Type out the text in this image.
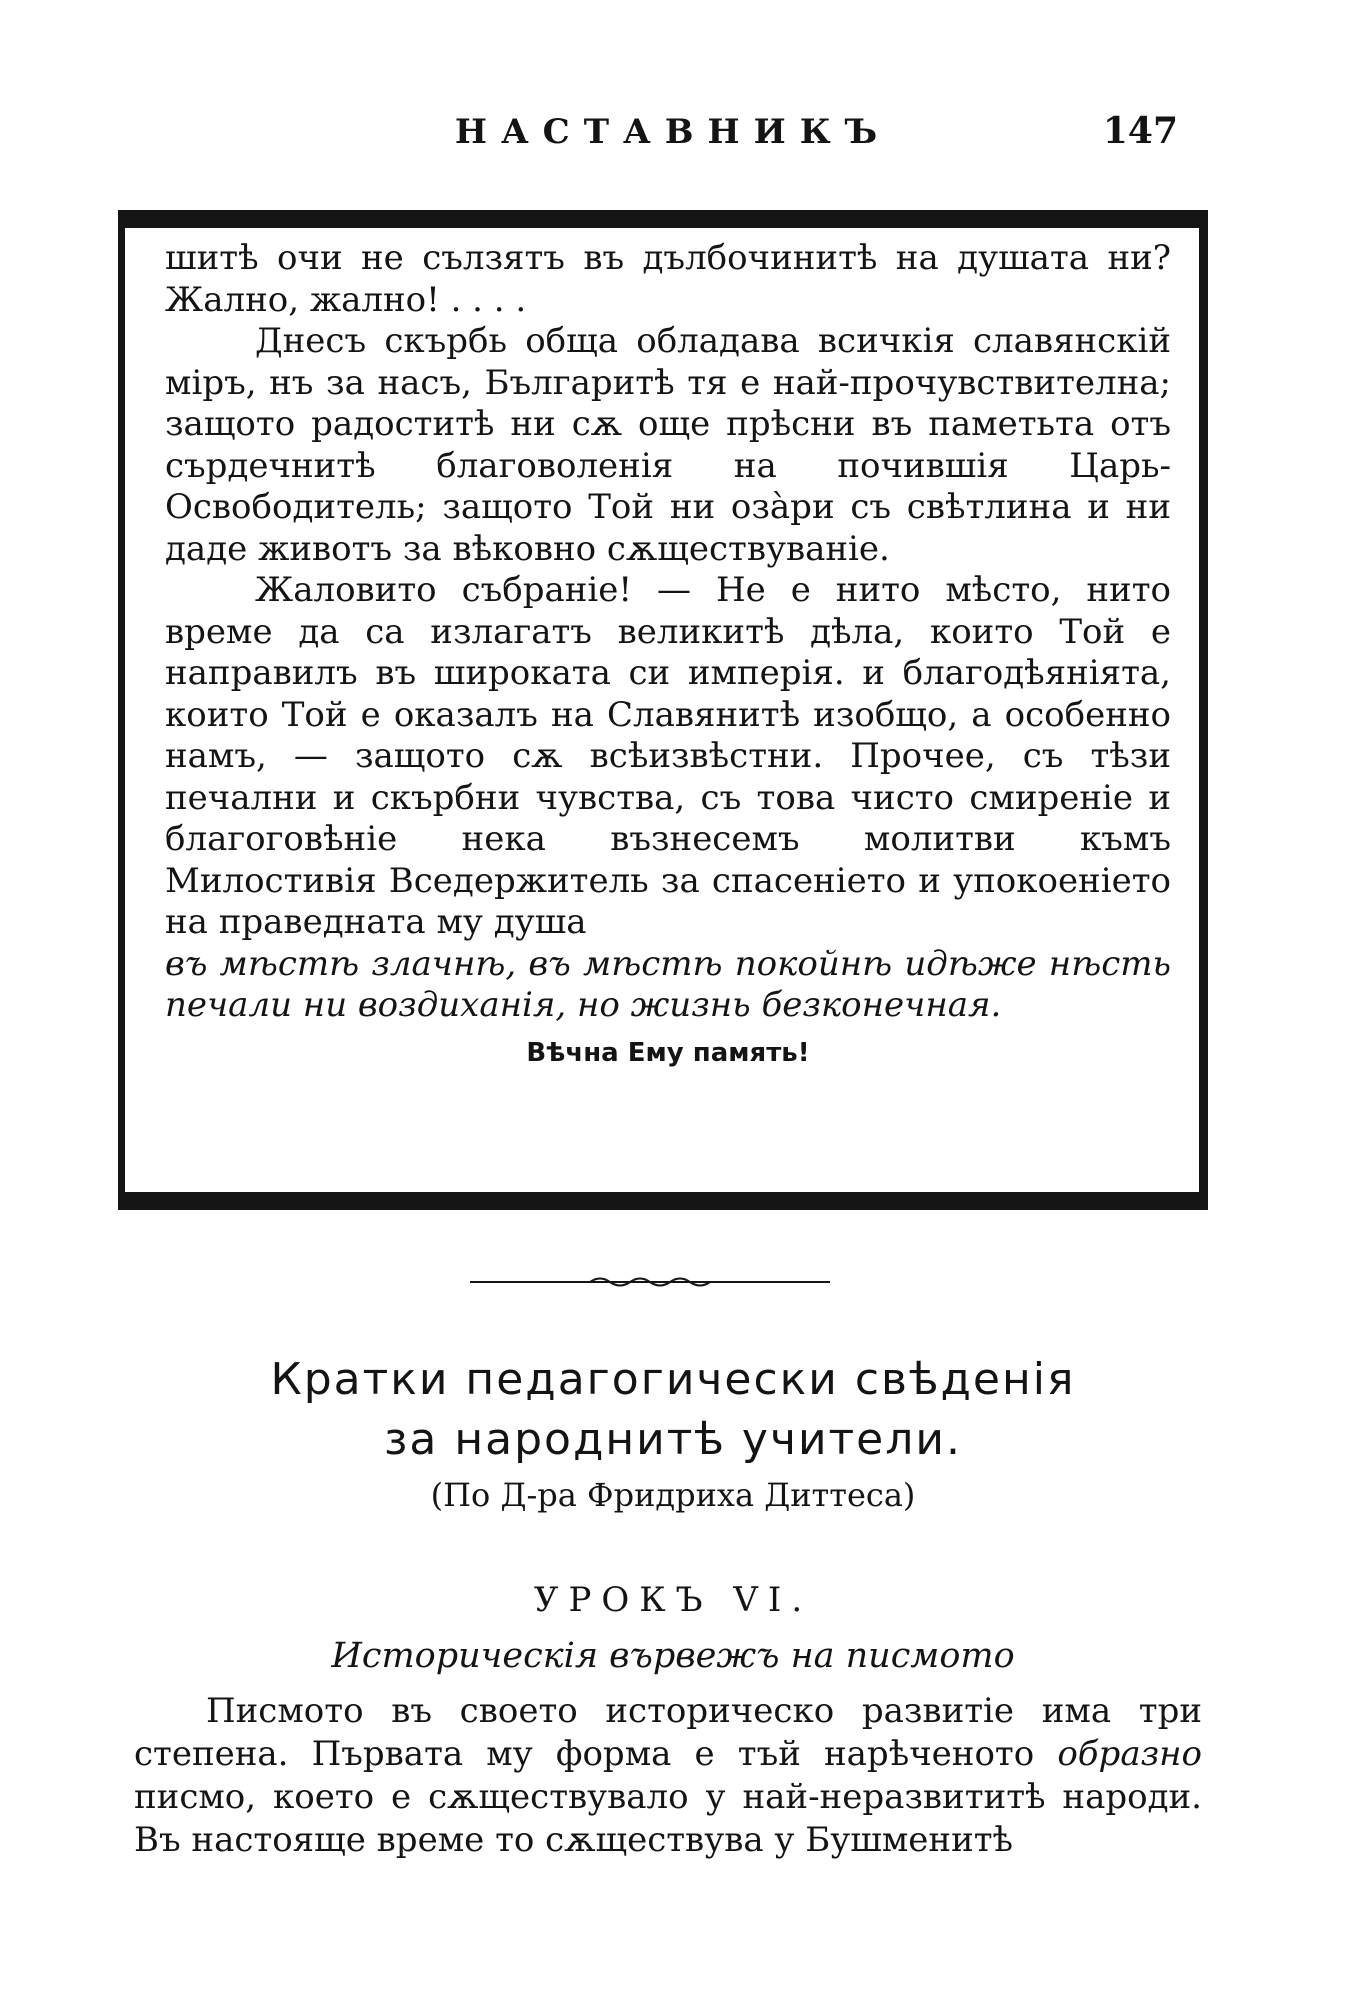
НАСТАВНИКЪ	147

шитѣ очи не сълзятъ въ дълбочинитѣ на душата ни? Жално, жално! . . . .

Днесъ скърбь общa обладава всичкія славянскій міръ, нъ за насъ, Българитѣ тя е най-прочувствителна; защото радоститѣ ни сѫ още прѣсни въ паметьта отъ сърдечнитѣ благоволенія на почившія Царь-Освободитель; защото Той ни озàри съ свѣтлина и ни даде животъ за вѣковно сѫществуваніе.

Жаловито събраніе! — Не е нито мѣсто, нито време да са излагатъ великитѣ дѣла, които Той е направилъ въ широката си имперія. и благодѣяніята, които Той е оказалъ на Славянитѣ изобщо, а особенно намъ, — защото сѫ всѣизвѣстни. Прочее, съ тѣзи печални и скърбни чувства, съ това чисто смиреніе и благоговѣніе нека възнесемъ молитви къмъ Милостивія Вседержитель за спасеніето и упокоеніето на праведната му душа

въ мѣстѣ злачнѣ, въ мѣстѣ покойнѣ идѣже нѣсть печали ни воздиханія, но жизнь безконечная.

Вѣчна Ему память!

Кратки педагогически свѣденія
за народнитѣ учители.
(По Д-ра Фридриха Диттеса)
УРОКЪ VI.
Историческія вървежъ на писмото

Писмото въ своето историческо развитіе има три степена. Първата му форма е тъй нарѣченото образно писмо, което е сѫществувало у най-неразвититѣ народи. Въ настояще време то сѫществува у Бушменитѣ
